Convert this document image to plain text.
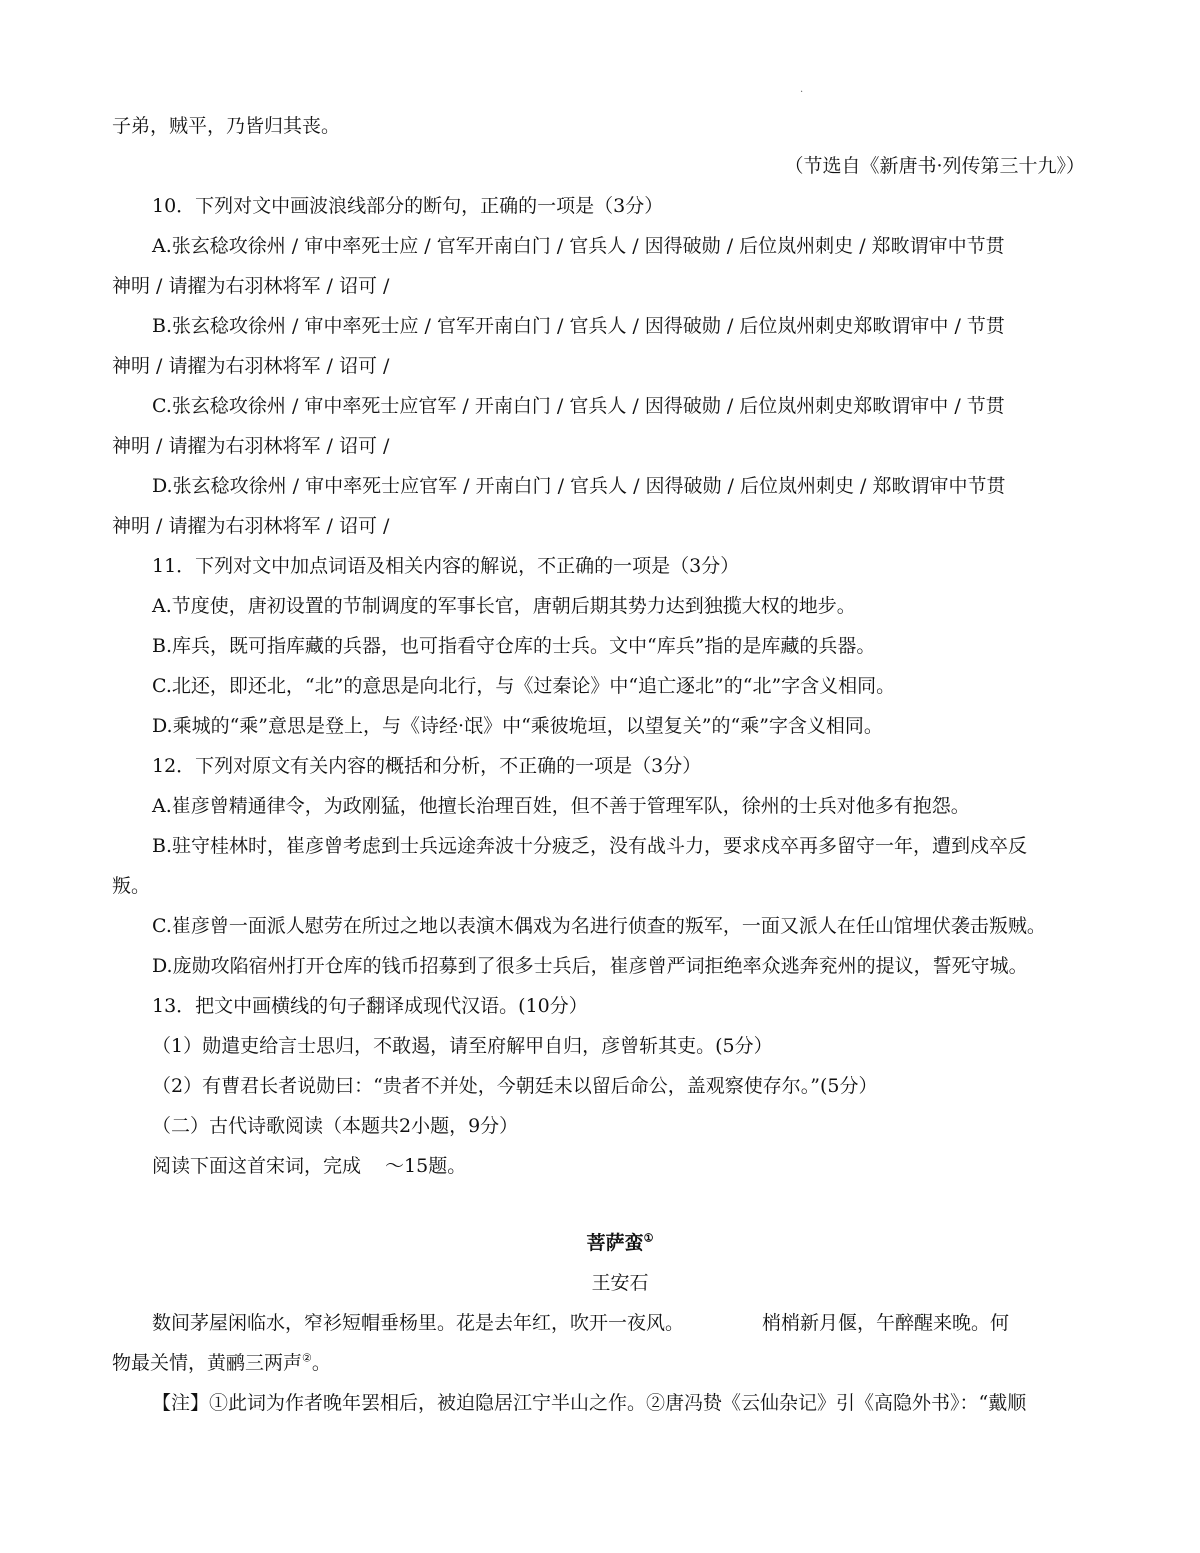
.
子弟，贼平，乃皆归其丧。
（节选自《新唐书·列传第三十九》）
10．下列对文中画波浪线部分的断句，正确的一项是（3分）
A.张玄稔攻徐州 / 审中率死士应 / 官军开南白门 / 官兵人 / 因得破勋 / 后位岚州刺史 / 郑畋谓审中节贯
神明 / 请擢为右羽林将军 / 诏可 /
B.张玄稔攻徐州 / 审中率死士应 / 官军开南白门 / 官兵人 / 因得破勋 / 后位岚州刺史郑畋谓审中 / 节贯
神明 / 请擢为右羽林将军 / 诏可 /
C.张玄稔攻徐州 / 审中率死士应官军 / 开南白门 / 官兵人 / 因得破勋 / 后位岚州刺史郑畋谓审中 / 节贯
神明 / 请擢为右羽林将军 / 诏可 /
D.张玄稔攻徐州 / 审中率死士应官军 / 开南白门 / 官兵人 / 因得破勋 / 后位岚州刺史 / 郑畋谓审中节贯
神明 / 请擢为右羽林将军 / 诏可 /
11．下列对文中加点词语及相关内容的解说，不正确的一项是（3分）
A.节度使，唐初设置的节制调度的军事长官，唐朝后期其势力达到独揽大权的地步。
B.库兵，既可指库藏的兵器，也可指看守仓库的士兵。文中“库兵”指的是库藏的兵器。
C.北还，即还北，“北”的意思是向北行，与《过秦论》中“追亡逐北”的“北”字含义相同。
D.乘城的“乘”意思是登上，与《诗经·氓》中“乘彼垝垣，以望复关”的“乘”字含义相同。
12．下列对原文有关内容的概括和分析，不正确的一项是（3分）
A.崔彦曾精通律令，为政刚猛，他擅长治理百姓，但不善于管理军队，徐州的士兵对他多有抱怨。
B.驻守桂林时，崔彦曾考虑到士兵远途奔波十分疲乏，没有战斗力，要求戍卒再多留守一年，遭到戍卒反
叛。
C.崔彦曾一面派人慰劳在所过之地以表演木偶戏为名进行侦查的叛军，一面又派人在任山馆埋伏袭击叛贼。
D.庞勋攻陷宿州打开仓库的钱币招募到了很多士兵后，崔彦曾严词拒绝率众逃奔兖州的提议，誓死守城。
13．把文中画横线的句子翻译成现代汉语。(10分）
（1）勋遣吏给言士思归，不敢遏，请至府解甲自归，彦曾斩其吏。(5分）
（2）有曹君长者说勋曰：“贵者不并处，今朝廷未以留后命公，盖观察使存尔。”(5分）
（二）古代诗歌阅读（本题共2小题，9分）
阅读下面这首宋词，完成 ～15题。
菩萨蛮①
王安石
数间茅屋闲临水，窄衫短帽垂杨里。花是去年红，吹开一夜风。	梢梢新月偃，午醉醒来晚。何
物最关情，黄鹂三两声②。
【注】①此词为作者晚年罢相后，被迫隐居江宁半山之作。②唐冯贽《云仙杂记》引《高隐外书》：“戴顺
